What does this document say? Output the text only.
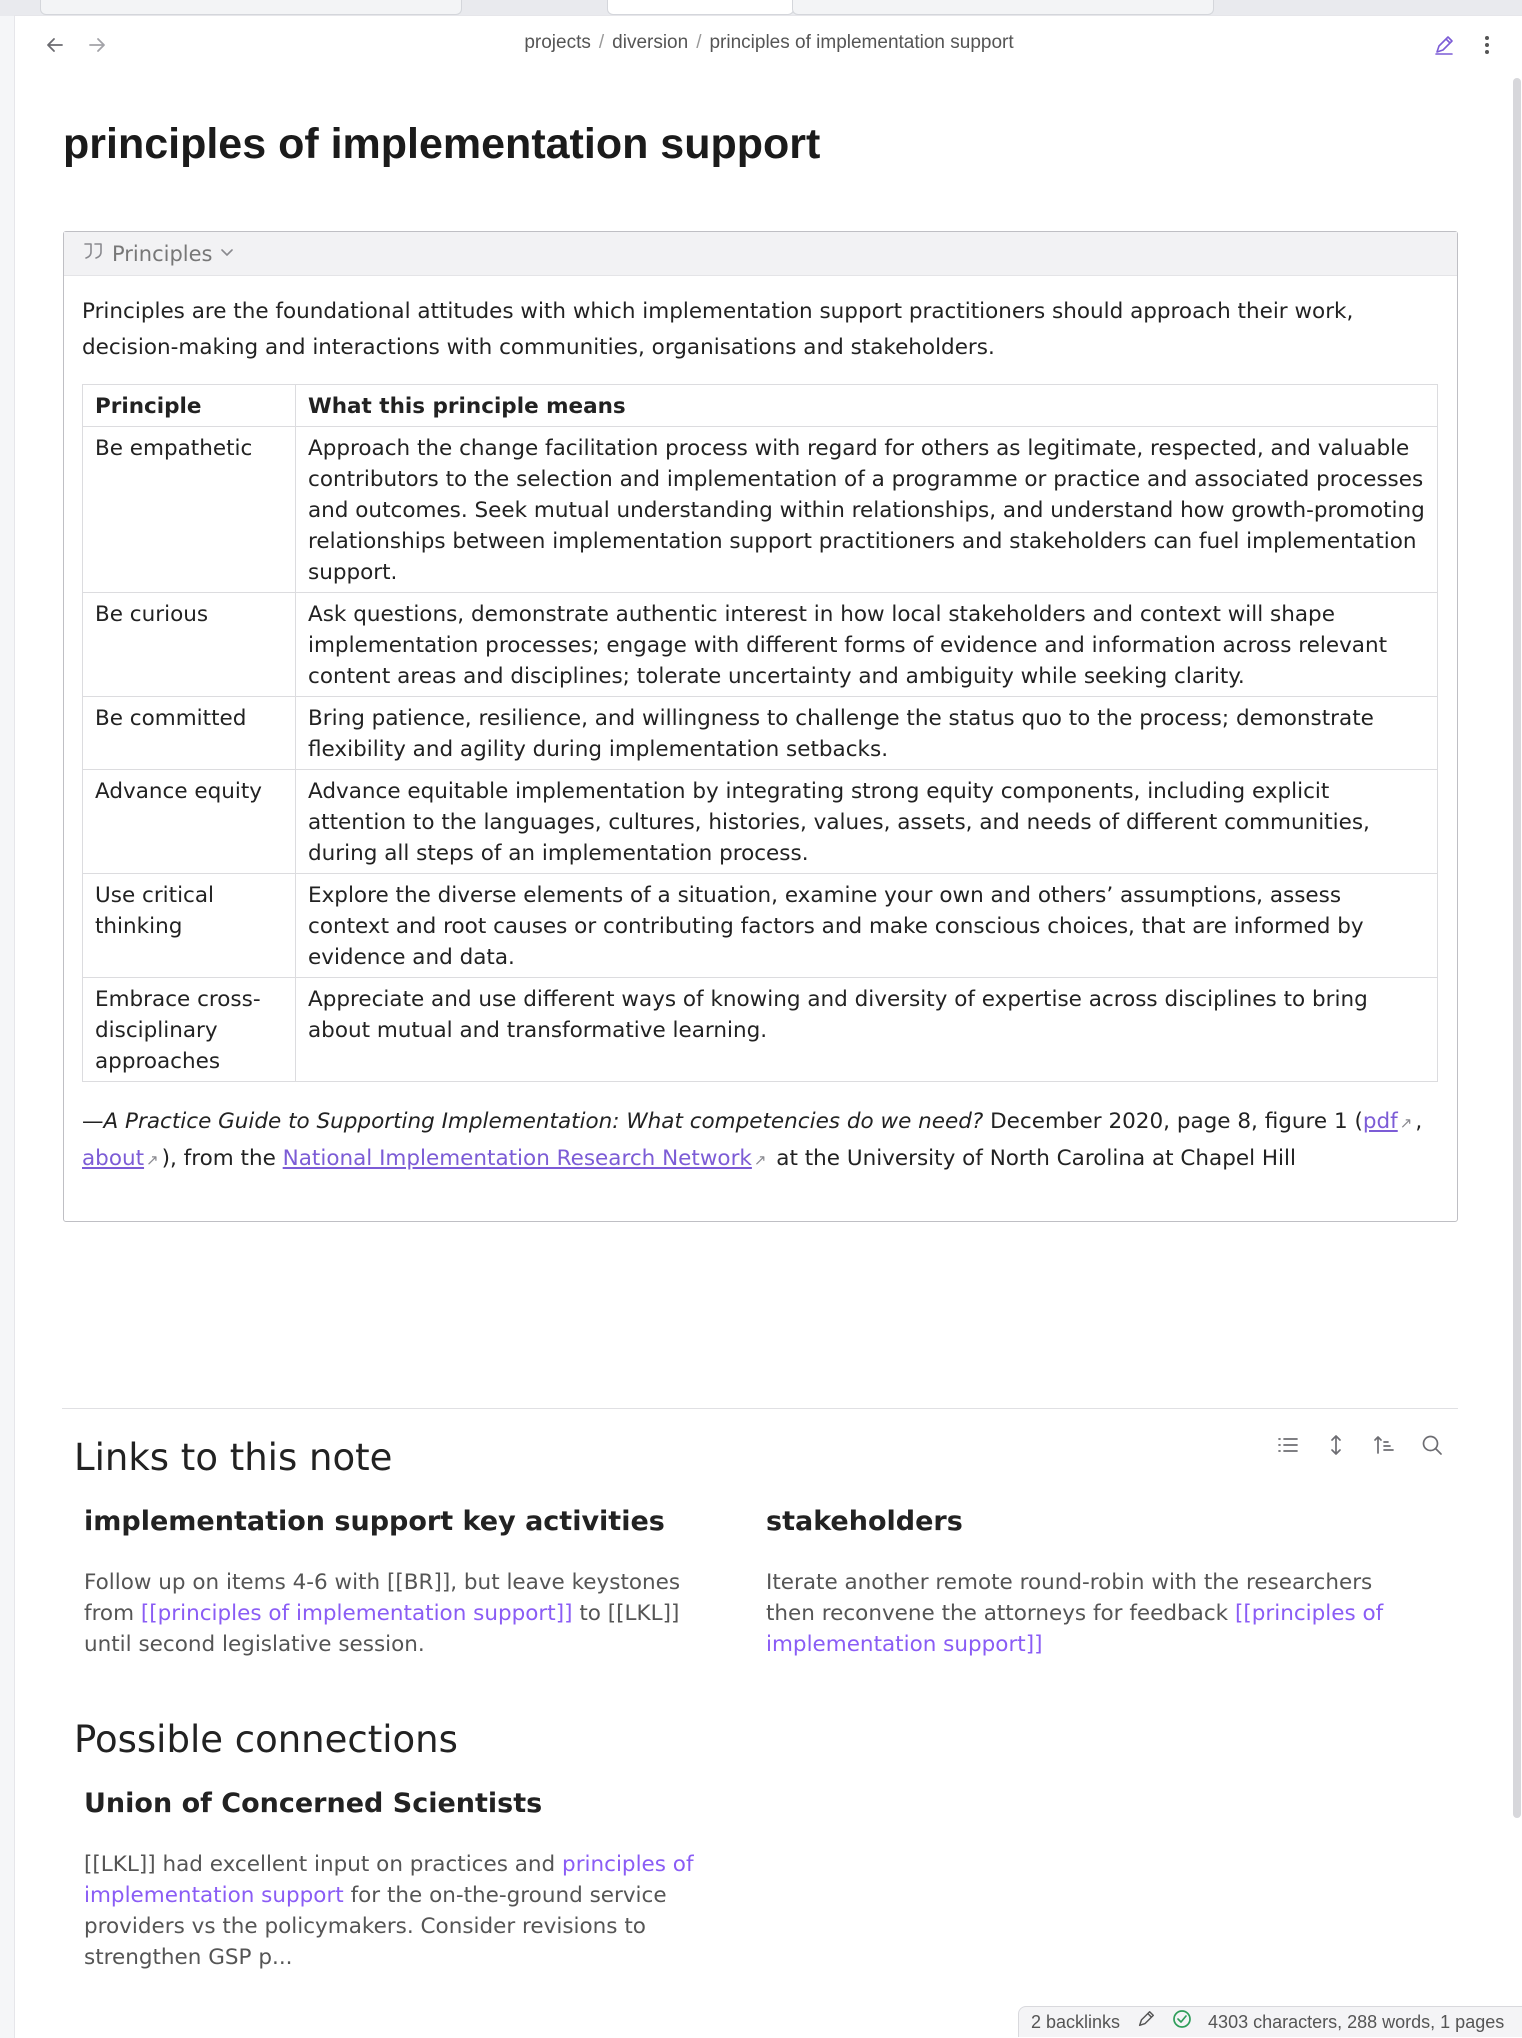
projects / diversion / principles of implementation support
principles of implementation support
Principles

Principles are the foundational attitudes with which implementation support practitioners should approach their work, decision-making and interactions with communities, organisations and stakeholders.

Principle	What this principle means
Be empathetic	Approach the change facilitation process with regard for others as legitimate, respected, and valuable contributors to the selection and implementation of a programme or practice and associated processes and outcomes. Seek mutual understanding within relationships, and understand how growth-promoting relationships between implementation support practitioners and stakeholders can fuel implementation support.
Be curious	Ask questions, demonstrate authentic interest in how local stakeholders and context will shape implementation processes; engage with different forms of evidence and information across relevant content areas and disciplines; tolerate uncertainty and ambiguity while seeking clarity.
Be committed	Bring patience, resilience, and willingness to challenge the status quo to the process; demonstrate flexibility and agility during implementation setbacks.
Advance equity	Advance equitable implementation by integrating strong equity components, including explicit attention to the languages, cultures, histories, values, assets, and needs of different communities, during all steps of an implementation process.
Use critical thinking	Explore the diverse elements of a situation, examine your own and others’ assumptions, assess context and root causes or contributing factors and make conscious choices, that are informed by evidence and data.
Embrace cross-disciplinary approaches	Appreciate and use different ways of knowing and diversity of expertise across disciplines to bring about mutual and transformative learning.

—A Practice Guide to Supporting Implementation: What competencies do we need? December 2020, page 8, figure 1 (pdf ↗ , about ↗ ), from the National Implementation Research Network ↗ at the University of North Carolina at Chapel Hill

Links to this note
implementation support key activities

Follow up on items 4-6 with [[BR]], but leave keystones from [[principles of implementation support]] to [[LKL]] until second legislative session.

stakeholders

Iterate another remote round-robin with the researchers then reconvene the attorneys for feedback [[principles of implementation support]]

Possible connections
Union of Concerned Scientists

[[LKL]] had excellent input on practices and principles of implementation support for the on-the-ground service providers vs the policymakers. Consider revisions to strengthen GSP p...

2 backlinks	4303 characters, 288 words, 1 pages
